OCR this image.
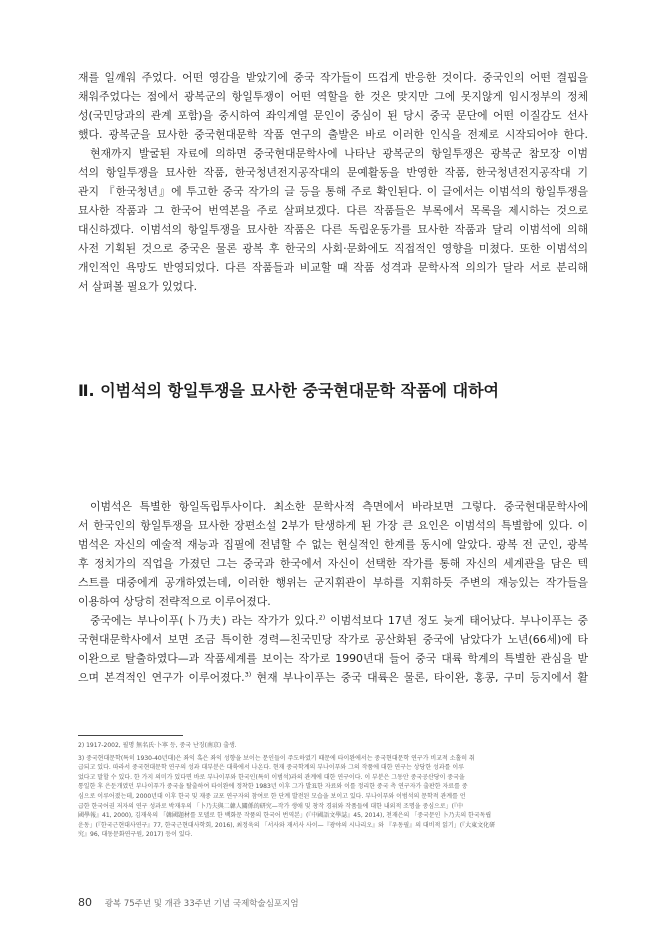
재를 일깨워 주었다. 어떤 영감을 받았기에 중국 작가들이 뜨겁게 반응한 것이다. 중국인의 어떤 결핍을
채워주었다는 점에서 광복군의 항일투쟁이 어떤 역할을 한 것은 맞지만 그에 못지않게 임시정부의 정체
성(국민당과의 관계 포함)을 중시하여 좌익계열 문인이 중심이 된 당시 중국 문단에 어떤 이질감도 선사
했다. 광복군을 묘사한 중국현대문학 작품 연구의 출발은 바로 이러한 인식을 전제로 시작되어야 한다.
현재까지 발굴된 자료에 의하면 중국현대문학사에 나타난 광복군의 항일투쟁은 광복군 참모장 이범
석의 항일투쟁을 묘사한 작품, 한국청년전지공작대의 문예활동을 반영한 작품, 한국청년전지공작대 기
관지 『한국청년』에 투고한 중국 작가의 글 등을 통해 주로 확인된다. 이 글에서는 이범석의 항일투쟁을
묘사한 작품과 그 한국어 번역본을 주로 살펴보겠다. 다른 작품들은 부록에서 목록을 제시하는 것으로
대신하겠다. 이범석의 항일투쟁을 묘사한 작품은 다른 독립운동가를 묘사한 작품과 달리 이범석에 의해
사전 기획된 것으로 중국은 물론 광복 후 한국의 사회·문화에도 직접적인 영향을 미쳤다. 또한 이범석의
개인적인 욕망도 반영되었다. 다른 작품들과 비교할 때 작품 성격과 문학사적 의의가 달라 서로 분리해
서 살펴볼 필요가 있었다.
Ⅱ. 이범석의 항일투쟁을 묘사한 중국현대문학 작품에 대하여
이범석은 특별한 항일독립투사이다. 최소한 문학사적 측면에서 바라보면 그렇다. 중국현대문학사에
서 한국인의 항일투쟁을 묘사한 장편소설 2부가 탄생하게 된 가장 큰 요인은 이범석의 특별함에 있다. 이
범석은 자신의 예술적 재능과 집필에 전념할 수 없는 현실적인 한계를 동시에 알았다. 광복 전 군인, 광복
후 정치가의 직업을 가졌던 그는 중국과 한국에서 자신이 선택한 작가를 통해 자신의 세계관을 담은 텍
스트를 대중에게 공개하였는데, 이러한 행위는 군지휘관이 부하를 지휘하듯 주변의 재능있는 작가들을
이용하여 상당히 전략적으로 이루어졌다.
중국에는 부나이푸(卜乃夫) 라는 작가가 있다.$^{2)}$ 이범석보다 17년 정도 늦게 태어났다. 부나이푸는 중
국현대문학사에서 보면 조금 특이한 경력—친국민당 작가로 공산화된 중국에 남았다가 노년(66세)에 타
이완으로 탈출하였다—과 작품세계를 보이는 작가로 1990년대 들어 중국 대륙 학계의 특별한 관심을 받
으며 본격적인 연구가 이루어졌다.$^{3)}$ 현재 부나이푸는 중국 대륙은 물론, 타이완, 홍콩, 구미 등지에서 활
2) 1917-2002, 필명 無名氏·卜寧 등, 중국 난징(南京) 출생.
3) 중국현대문학(특히 1930-40년대)은 좌익 혹은 좌익 성향을 보이는 문인들이 주도하였기 때문에 타이완에서는 중국현대문학 연구가 비교적 소홀히 취
급되고 있다. 따라서 중국현대문학 연구의 성과 대부분은 대륙에서 나온다. 현재 중국학계의 부나이푸와 그의 작품에 대한 연구는 상당한 성과를 이루
었다고 말할 수 있다. 한 가지 의미가 있다면 바로 부나이푸와 한국인(특히 이범석)과의 관계에 대한 연구이다. 이 부분은 그동안 중국공산당이 중국을
통일한 후 은둔개였던 부나이푸가 중국을 탈출하여 타이완에 정착한 1983년 이후 그가 발표한 자료와 이를 정리한 중국 측 연구자가 출판한 자료를 중
심으로 이루어졌는데, 2000년대 이후 한국 및 재중 교포 연구자의 참여로 한 단계 발전된 모습을 보이고 있다. 부나이푸와 이범석의 문학적 관계를 언
급한 한국어권 저자의 연구 성과로 박재우의 「卜乃夫與二韓人關係的研究—작가 생애 및 창작 경위와 작품들에 대한 내외적 조명을 중심으로」(『中
國學報』41, 2000), 김재욱의 「韓國題材를 모델로 한 백화문 작품의 한국어 번역본」(『中國語文學誌』45, 2014), 천재은의 「중국문인 卜乃夫의 한국독립
운동」(『한국근현대사연구』77, 한국근현대사학회, 2016), 최정욱의 「서사와 재서사 사이—『광야의 시나리오』와 『우동필』의 대비적 읽기」(『大東文化研
究』96, 대동문화연구원, 2017) 등이 있다.
80 광복 75주년 및 개관 33주년 기념 국제학술심포지엄
